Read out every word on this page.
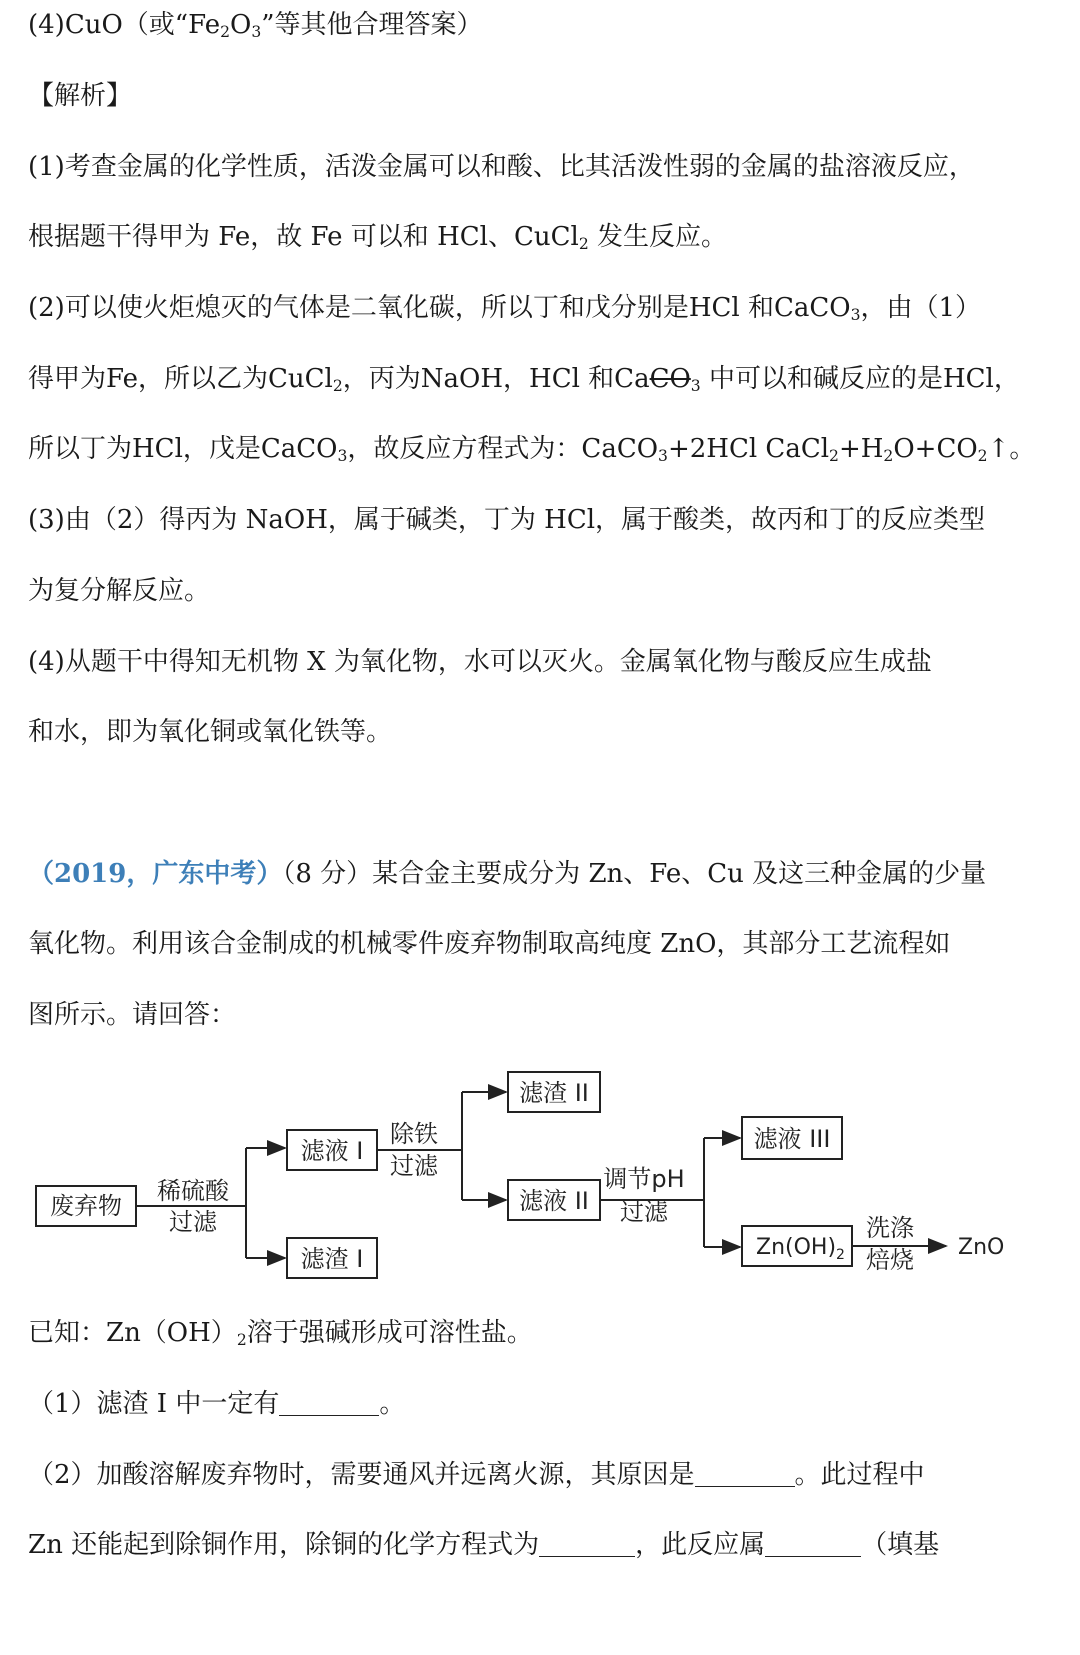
(4)CuO（或“$Fe_2O_3$”等其他合理答案）
【解析】
(1)考查金属的化学性质，活泼金属可以和酸、比其活泼性弱的金属的盐溶液反应，
根据题干得甲为 Fe，故 Fe 可以和 HCl、CuCl$_2$ 发生反应。
(2)可以使火炬熄灭的气体是二氧化碳，所以丁和戊分别是HCl 和CaCO$_3$，由（1）
得甲为Fe，所以乙为CuCl$_2$，丙为NaOH，HCl 和CaCO$_3$ 中可以和碱反应的是HCl，
所以丁为HCl，戊是CaCO$_3$，故反应方程式为：CaCO$_3$+2HCl $CaCl_2+H_2O+CO_2↑$。
(3)由（2）得丙为 NaOH，属于碱类，丁为 HCl，属于酸类，故丙和丁的反应类型
为复分解反应。
(4)从题干中得知无机物 X 为氧化物，水可以灭火。金属氧化物与酸反应生成盐
和水，即为氧化铜或氧化铁等。
（2019，广东中考）（8 分）某合金主要成分为 Zn、Fe、Cu 及这三种金属的少量
氧化物。利用该合金制成的机械零件废弃物制取高纯度 ZnO，其部分工艺流程如
图所示。请回答：
废弃物
稀硫酸
过滤
滤液 I
滤渣 I
除铁
过滤
滤渣 II
滤液 II
调节pH
过滤
滤液 III
$Zn(OH)_2$
洗涤
焙烧 ZnO
已知：$Zn(OH)_2$溶于强碱形成可溶性盐。
（1）滤渣 I 中一定有	。
（2）加酸溶解废弃物时，需要通风并远离火源，其原因是	。此过程中
Zn 还能起到除铜作用，除铜的化学方程式为	，此反应属	（填基
